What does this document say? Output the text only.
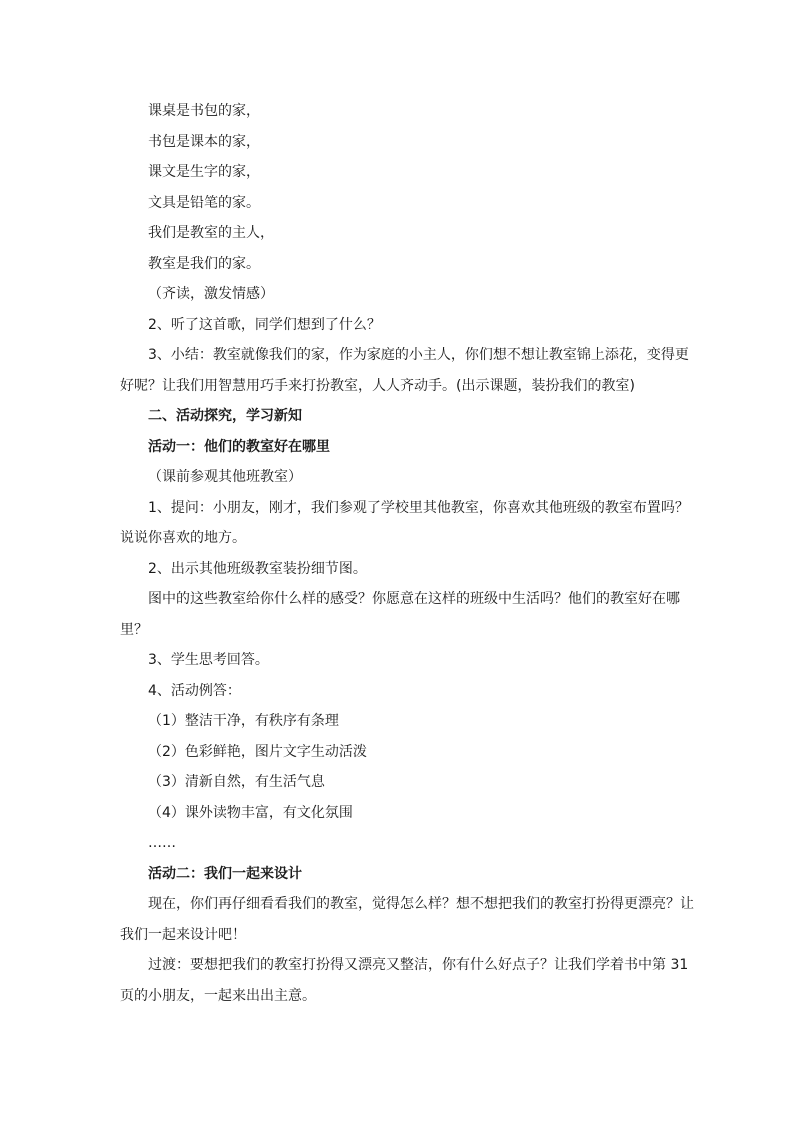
课桌是书包的家，

书包是课本的家，

课文是生字的家，

文具是铅笔的家。

我们是教室的主人，

教室是我们的家。

（齐读，激发情感）

2、听了这首歌，同学们想到了什么？

3、小结：教室就像我们的家，作为家庭的小主人，你们想不想让教室锦上添花，变得更好呢？让我们用智慧用巧手来打扮教室，人人齐动手。(出示课题，装扮我们的教室)

二、活动探究，学习新知

活动一：他们的教室好在哪里

（课前参观其他班教室）

1、提问：小朋友，刚才，我们参观了学校里其他教室，你喜欢其他班级的教室布置吗？说说你喜欢的地方。

2、出示其他班级教室装扮细节图。

图中的这些教室给你什么样的感受？你愿意在这样的班级中生活吗？他们的教室好在哪里？

3、学生思考回答。

4、活动例答：

（1）整洁干净，有秩序有条理

（2）色彩鲜艳，图片文字生动活泼

（3）清新自然，有生活气息

（4）课外读物丰富，有文化氛围

……

活动二：我们一起来设计

现在，你们再仔细看看我们的教室，觉得怎么样？想不想把我们的教室打扮得更漂亮？让我们一起来设计吧！

过渡：要想把我们的教室打扮得又漂亮又整洁，你有什么好点子？让我们学着书中第 31 页的小朋友，一起来出出主意。
